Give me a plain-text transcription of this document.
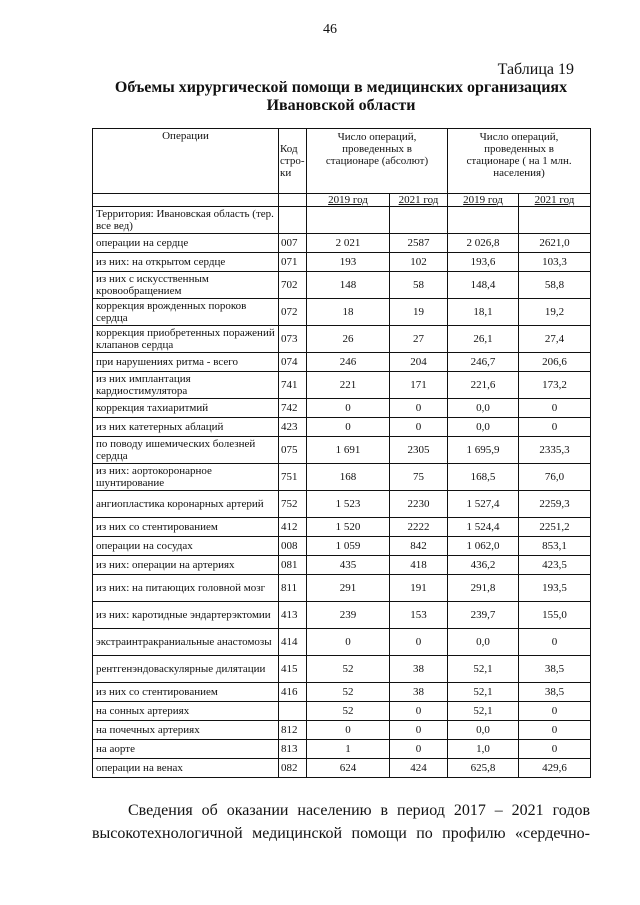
46
Таблица 19
Объемы хирургической помощи в медицинских организациях Ивановской области
Операции	Код стро-ки	Число операций, проведенных в стационаре (абсолют)		Число операций, проведенных в стационаре ( на 1 млн. населения)	
		2019 год	2021 год	2019 год	2021 год
Территория: Ивановская область (тер. все вед)					
операции на сердце	007	2 021	2587	2 026,8	2621,0
из них: на открытом сердце	071	193	102	193,6	103,3
из них с искусственным кровообращением	702	148	58	148,4	58,8
коррекция врожденных пороков сердца	072	18	19	18,1	19,2
коррекция приобретенных поражений клапанов сердца	073	26	27	26,1	27,4
при нарушениях ритма - всего	074	246	204	246,7	206,6
из них имплантация кардиостимулятора	741	221	171	221,6	173,2
коррекция тахиаритмий	742	0	0	0,0	0
из них катетерных аблаций	423	0	0	0,0	0
по поводу ишемических болезней сердца	075	1 691	2305	1 695,9	2335,3
из них: аортокоронарное шунтирование	751	168	75	168,5	76,0
ангиопластика коронарных артерий	752	1 523	2230	1 527,4	2259,3
из них со стентированием	412	1 520	2222	1 524,4	2251,2
операции на сосудах	008	1 059	842	1 062,0	853,1
из них: операции на артериях	081	435	418	436,2	423,5
из них: на питающих головной мозг	811	291	191	291,8	193,5
из них: каротидные эндартерэктомии	413	239	153	239,7	155,0
экстраинтракраниальные анастомозы	414	0	0	0,0	0
рентгенэндоваскулярные дилятации	415	52	38	52,1	38,5
из них со стентированием	416	52	38	52,1	38,5
на сонных артериях		52	0	52,1	0
на почечных артериях	812	0	0	0,0	0
на аорте	813	1	0	1,0	0
операции на венах	082	624	424	625,8	429,6
Сведения об оказании населению в период 2017 – 2021 годов высокотехнологичной медицинской помощи по профилю «сердечно-
